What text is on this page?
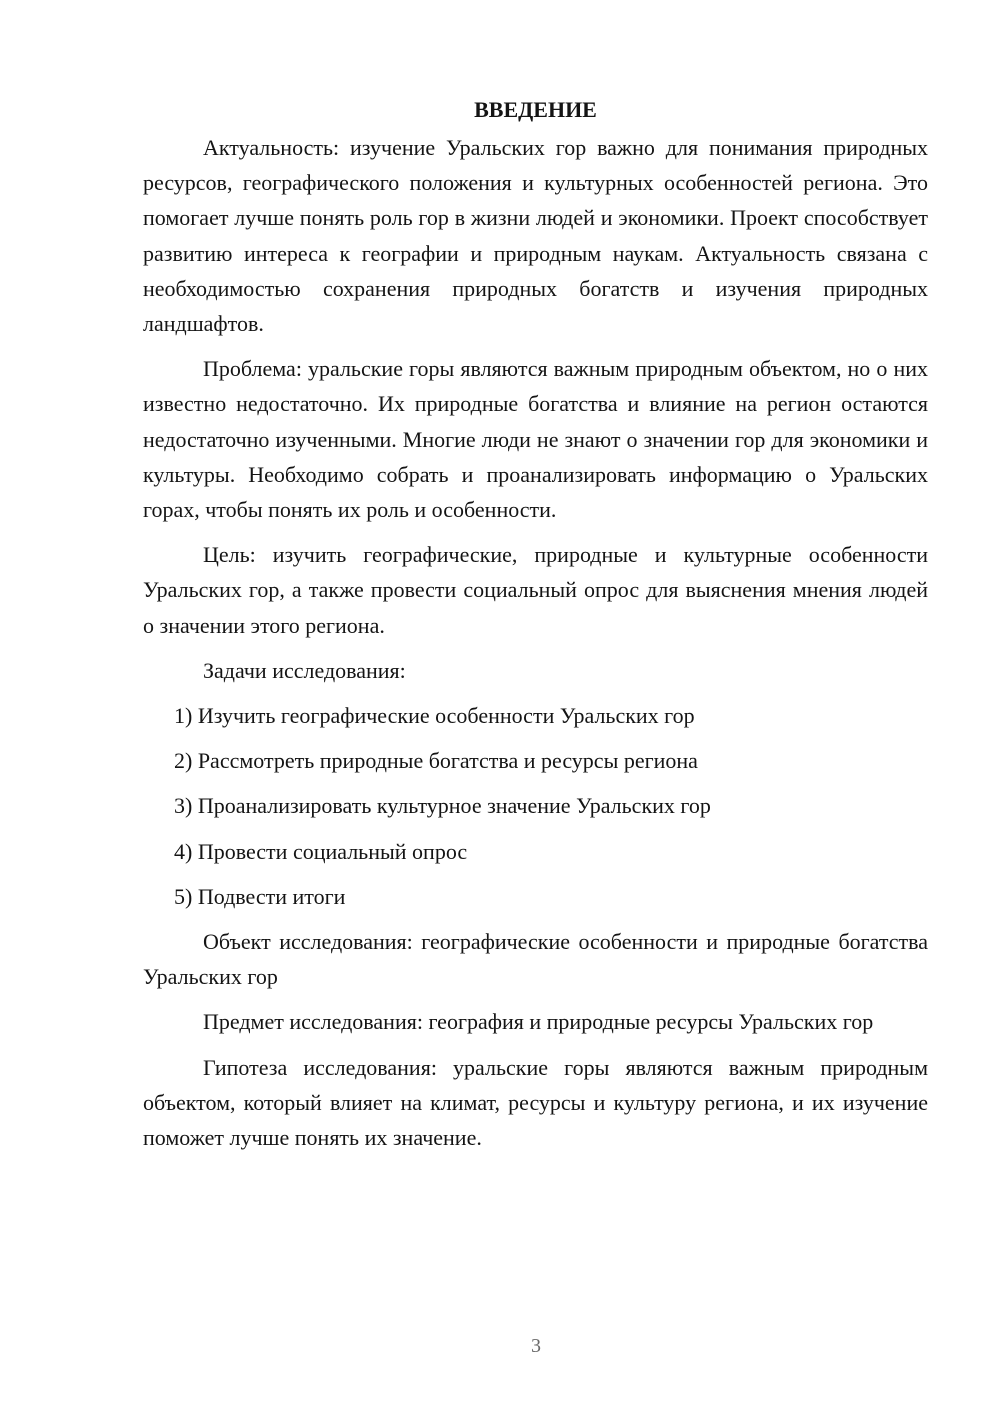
ВВЕДЕНИЕ

Актуальность: изучение Уральских гор важно для понимания природных ресурсов, географического положения и культурных особенностей региона. Это помогает лучше понять роль гор в жизни людей и экономики. Проект способствует развитию интереса к географии и природным наукам. Актуальность связана с необходимостью сохранения природных богатств и изучения природных ландшафтов.

Проблема: уральские горы являются важным природным объектом, но о них известно недостаточно. Их природные богатства и влияние на регион остаются недостаточно изученными. Многие люди не знают о значении гор для экономики и культуры. Необходимо собрать и проанализировать информацию о Уральских горах, чтобы понять их роль и особенности.

Цель: изучить географические, природные и культурные особенности Уральских гор, а также провести социальный опрос для выяснения мнения людей о значении этого региона.

Задачи исследования:

1) Изучить географические особенности Уральских гор
2) Рассмотреть природные богатства и ресурсы региона
3) Проанализировать культурное значение Уральских гор
4) Провести социальный опрос
5) Подвести итоги

Объект исследования: географические особенности и природные богатства Уральских гор

Предмет исследования: география и природные ресурсы Уральских гор

Гипотеза исследования: уральские горы являются важным природным объектом, который влияет на климат, ресурсы и культуру региона, и их изучение поможет лучше понять их значение.

3
